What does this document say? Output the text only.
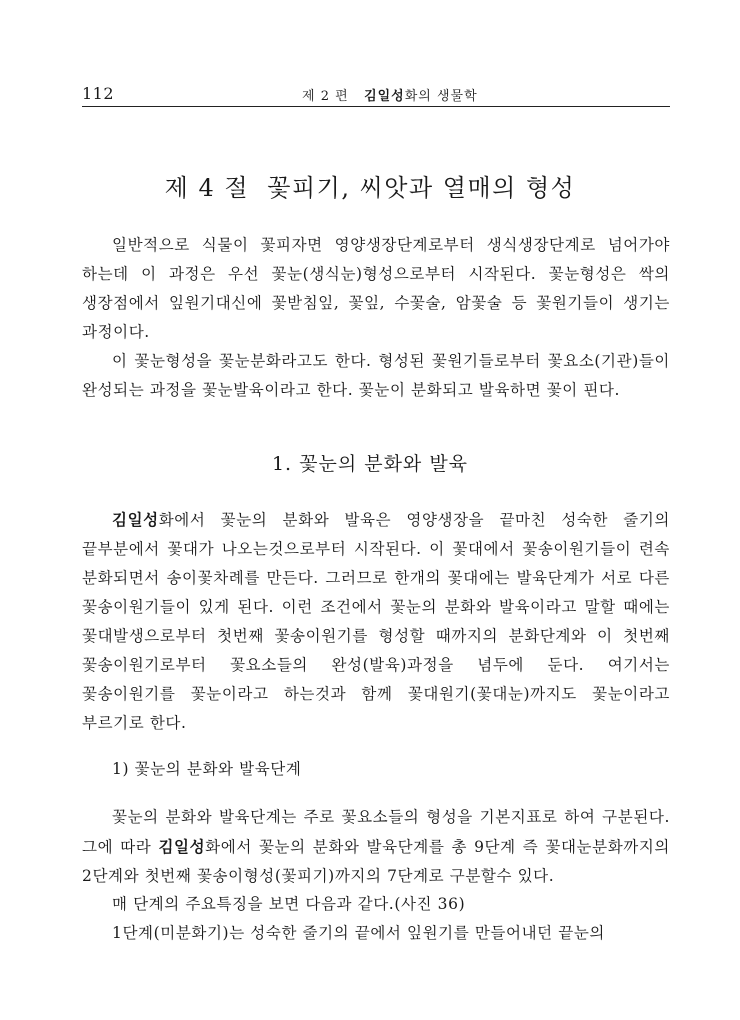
112	제 2 편 김일성화의 생물학
제 4 절  꽃피기, 씨앗과 열매의 형성

일반적으로 식물이 꽃피자면 영양생장단계로부터 생식생장단계로 넘어가야 하는데 이 과정은 우선 꽃눈(생식눈)형성으로부터 시작된다. 꽃눈형성은 싹의 생장점에서 잎원기대신에 꽃받침잎, 꽃잎, 수꽃술, 암꽃술 등 꽃원기들이 생기는 과정이다.

이 꽃눈형성을 꽃눈분화라고도 한다. 형성된 꽃원기들로부터 꽃요소(기관)들이 완성되는 과정을 꽃눈발육이라고 한다. 꽃눈이 분화되고 발육하면 꽃이 핀다.

1. 꽃눈의 분화와 발육

김일성화에서 꽃눈의 분화와 발육은 영양생장을 끝마친 성숙한 줄기의 끝부분에서 꽃대가 나오는것으로부터 시작된다. 이 꽃대에서 꽃송이원기들이 련속 분화되면서 송이꽃차례를 만든다. 그러므로 한개의 꽃대에는 발육단계가 서로 다른 꽃송이원기들이 있게 된다. 이런 조건에서 꽃눈의 분화와 발육이라고 말할 때에는 꽃대발생으로부터 첫번째 꽃송이원기를 형성할 때까지의 분화단계와 이 첫번째 꽃송이원기로부터 꽃요소들의 완성(발육)과정을 념두에 둔다. 여기서는 꽃송이원기를 꽃눈이라고 하는것과 함께 꽃대원기(꽃대눈)까지도 꽃눈이라고 부르기로 한다.

1) 꽃눈의 분화와 발육단계

꽃눈의 분화와 발육단계는 주로 꽃요소들의 형성을 기본지표로 하여 구분된다. 그에 따라 김일성화에서 꽃눈의 분화와 발육단계를 총 9단계 즉 꽃대눈분화까지의 2단계와 첫번째 꽃송이형성(꽃피기)까지의 7단계로 구분할수 있다.

매 단계의 주요특징을 보면 다음과 같다.(사진 36)

1단계(미분화기)는 성숙한 줄기의 끝에서 잎원기를 만들어내던 끝눈의
